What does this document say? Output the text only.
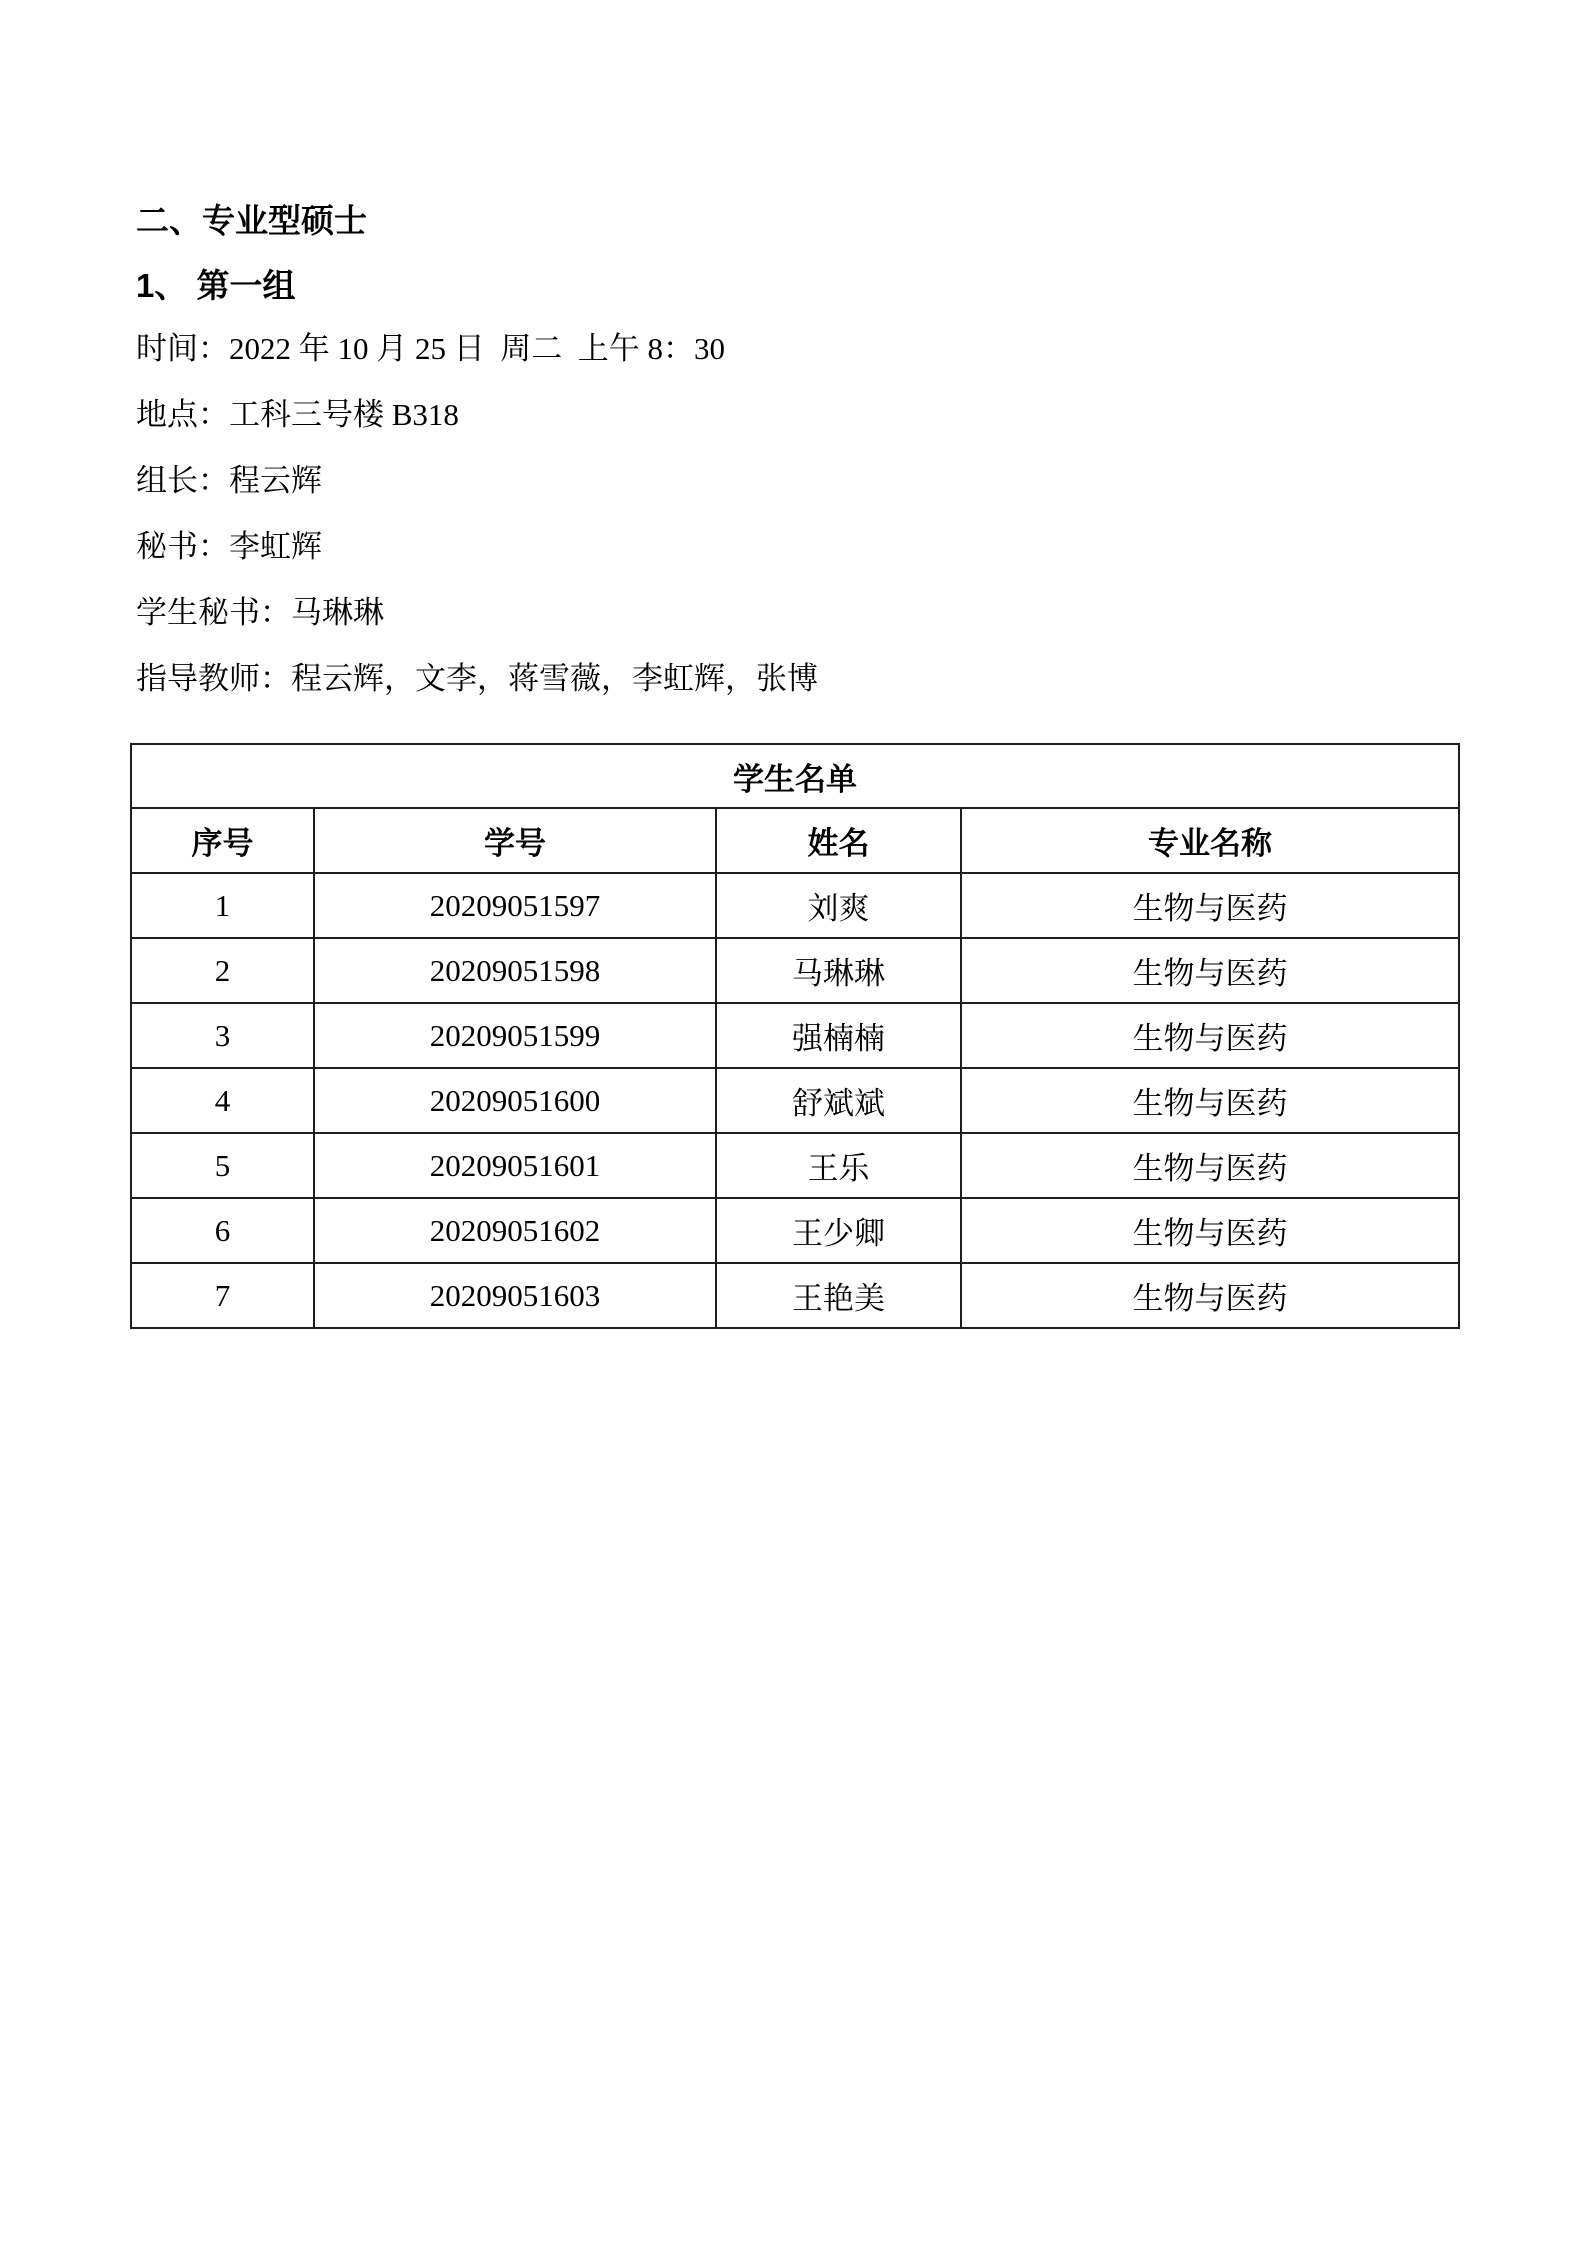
二、专业型硕士
1、 第一组
时间：2022 年 10 月 25 日  周二  上午 8：30
地点：工科三号楼 B318
组长：程云辉
秘书：李虹辉
学生秘书：马琳琳
指导教师：程云辉，文李，蒋雪薇，李虹辉，张博
学生名单			
序号	学号	姓名	专业名称
1	20209051597	刘爽	生物与医药
2	20209051598	马琳琳	生物与医药
3	20209051599	强楠楠	生物与医药
4	20209051600	舒斌斌	生物与医药
5	20209051601	王乐	生物与医药
6	20209051602	王少卿	生物与医药
7	20209051603	王艳美	生物与医药
